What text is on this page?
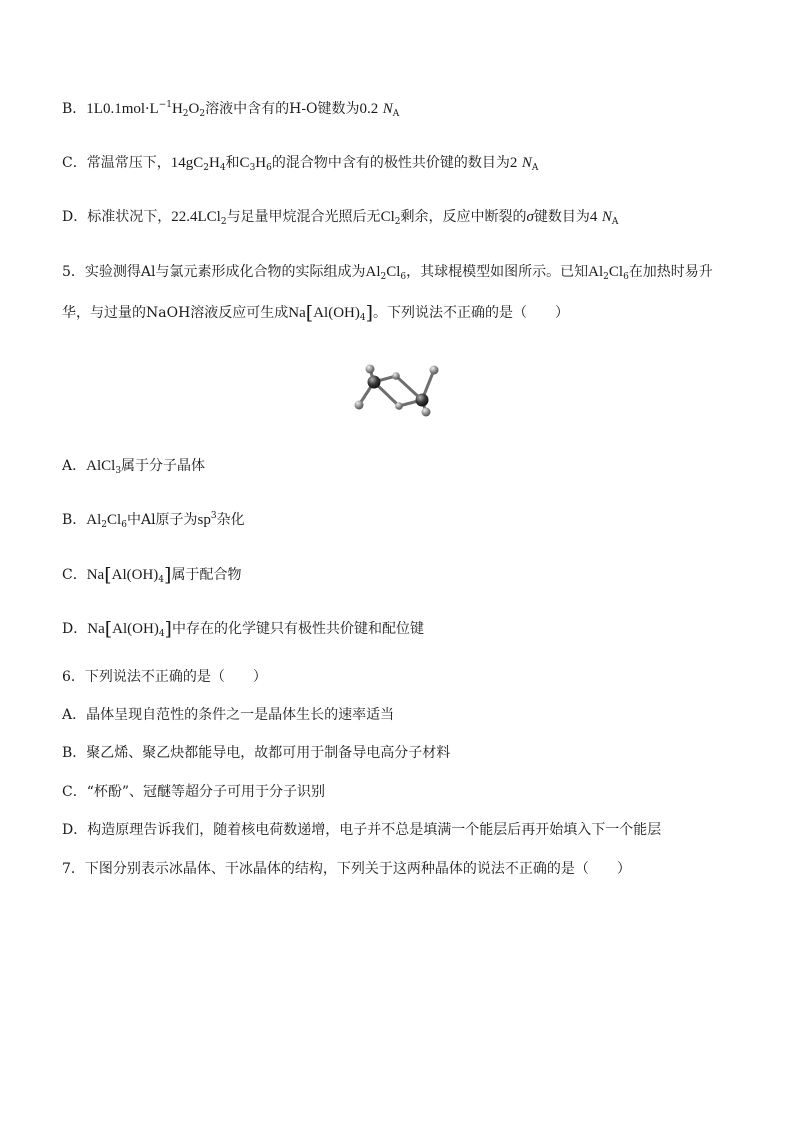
B．$1L0.1mol\cdot L^{-1}H_2O_2$溶液中含有的H-O键数为0.2 $N_A$
C．常温常压下，$14gC_2H_4$和$C_3H_6$的混合物中含有的极性共价键的数目为2 $N_A$
D．标准状况下，22.4LCl$_2$与足量甲烷混合光照后无$Cl_2$剩余，反应中断裂的σ键数目为4 $N_A$
5．实验测得Al与氯元素形成化合物的实际组成为$Al_2Cl_6$，其球棍模型如图所示。已知$Al_2Cl_6$在加热时易升
华，与过量的NaOH溶液反应可生成$Na[Al(OH)_4]$。下列说法不正确的是（　　）
A．AlCl$_3$属于分子晶体
B．$Al_2Cl_6$中Al原子为$sp^3$杂化
C．$Na[Al(OH)_4]$属于配合物
D．$Na[Al(OH)_4]$中存在的化学键只有极性共价键和配位键
6．下列说法不正确的是（　　）
A．晶体呈现自范性的条件之一是晶体生长的速率适当
B．聚乙烯、聚乙炔都能导电，故都可用于制备导电高分子材料
C．“杯酚”、冠醚等超分子可用于分子识别
D．构造原理告诉我们，随着核电荷数递增，电子并不总是填满一个能层后再开始填入下一个能层
7．下图分别表示冰晶体、干冰晶体的结构，下列关于这两种晶体的说法不正确的是（　　）
